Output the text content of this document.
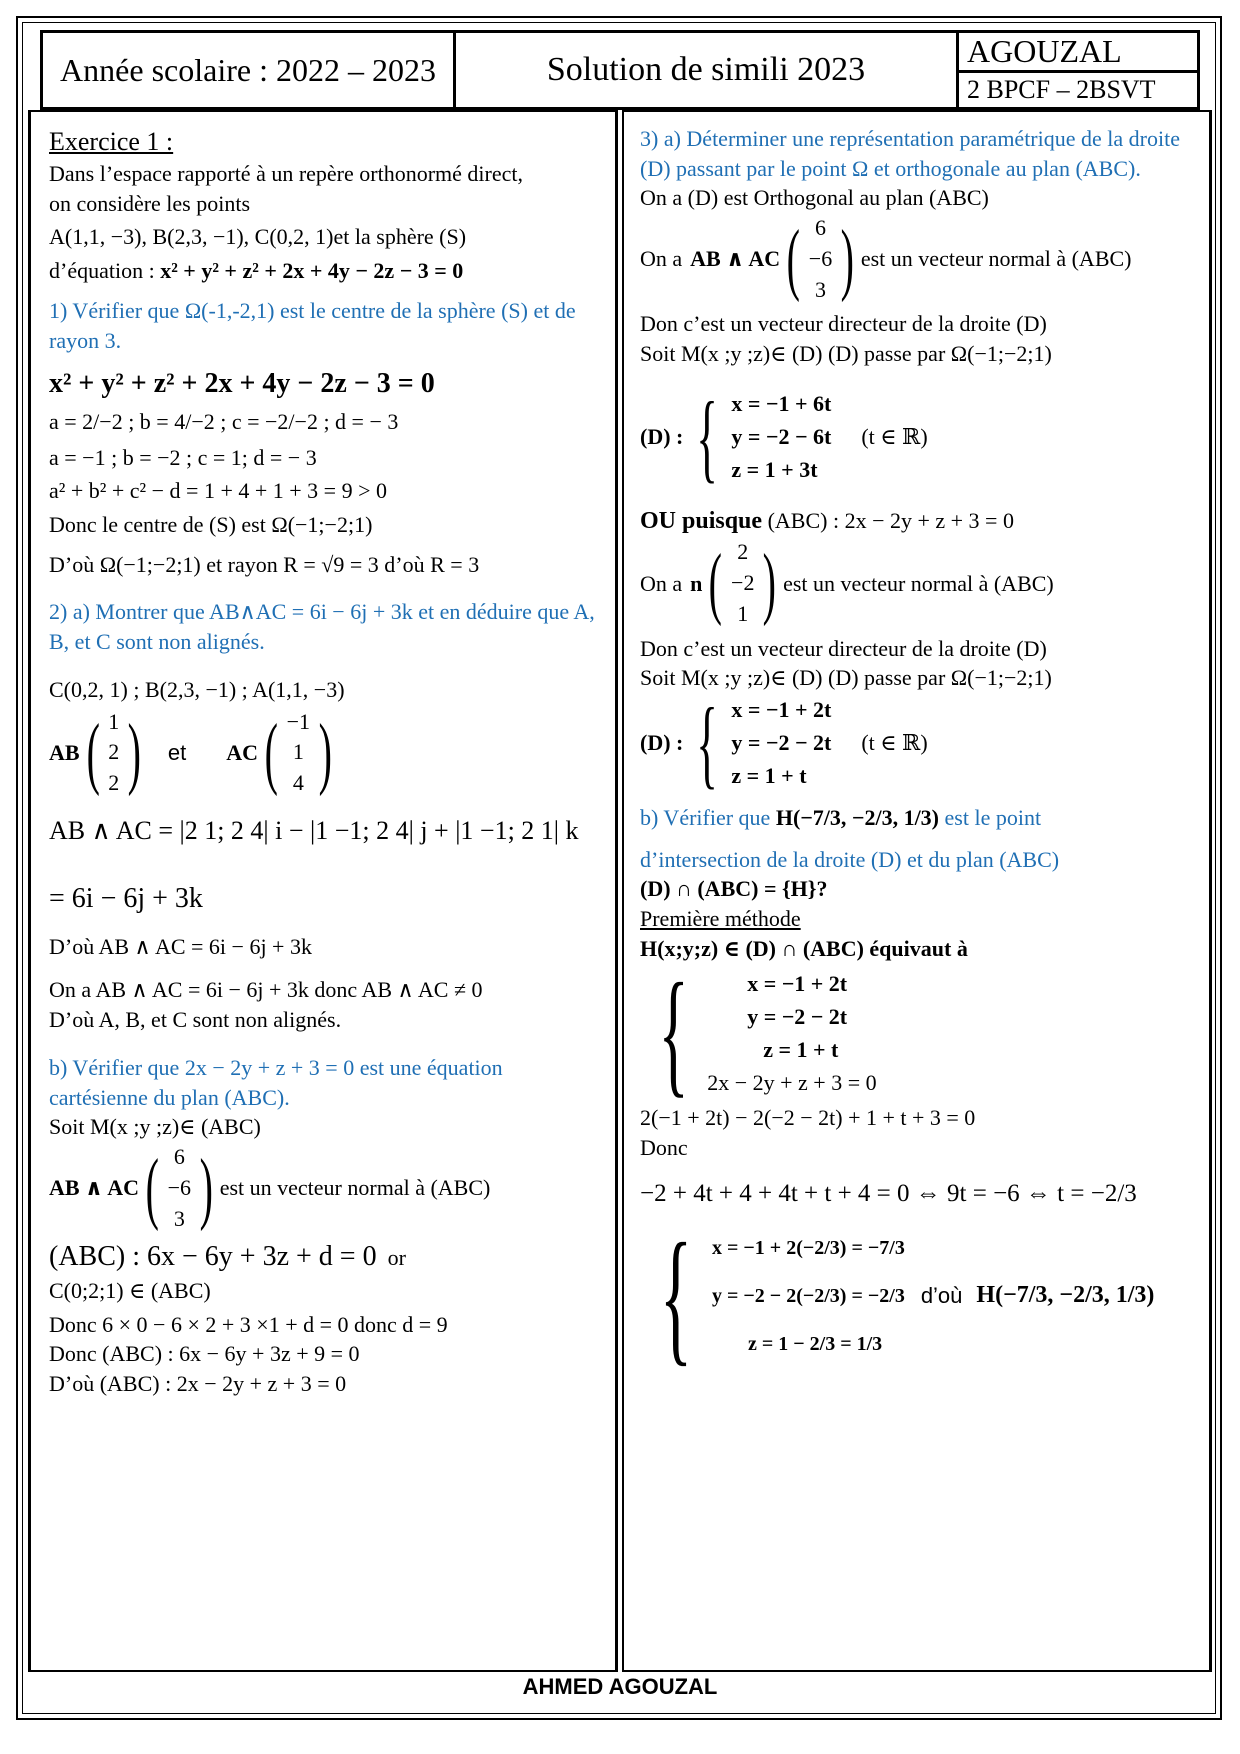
Année scolaire : 2022 – 2023	Solution de simili 2023	AGOUZAL
2 BPCF – 2BSVT

Exercice 1 :

Dans l’espace rapporté à un repère orthonormé direct,

on considère les points

A(1,1, −3), B(2,3, −1), C(0,2, 1)et la sphère (S)

d’équation : x² + y² + z² + 2x + 4y − 2z − 3 = 0

1) Vérifier que Ω(-1,-2,1) est le centre de la sphère (S) et de rayon 3.

x² + y² + z² + 2x + 4y − 2z − 3 = 0

a = 2/−2 ; b = 4/−2 ; c = −2/−2 ; d = − 3

a = −1 ; b = −2 ; c = 1; d = − 3

a² + b² + c² − d = 1 + 4 + 1 + 3 = 9 > 0

Donc le centre de (S) est Ω(−1;−2;1)

D’où Ω(−1;−2;1) et rayon R = √9 = 3 d’où R = 3

2) a) Montrer que AB∧AC = 6i − 6j + 3k et en déduire que A, B, et C sont non alignés.

C(0,2, 1) ; B(2,3, −1) ; A(1,1, −3)

AB ( 1
2
2 ) et AC ( −1
1
4 )

AB ∧ AC = |2 1; 2 4| i − |1 −1; 2 4| j + |1 −1; 2 1| k

= 6i − 6j + 3k

D’où AB ∧ AC = 6i − 6j + 3k

On a AB ∧ AC = 6i − 6j + 3k donc AB ∧ AC ≠ 0

D’où A, B, et C sont non alignés.

b) Vérifier que 2x − 2y + z + 3 = 0 est une équation cartésienne du plan (ABC).

Soit M(x ;y ;z)∈ (ABC)

AB ∧ AC ( 6
−6
3 ) est un vecteur normal à (ABC)

(ABC) : 6x − 6y + 3z + d = 0 or

C(0;2;1) ∈ (ABC)

Donc 6 × 0 − 6 × 2 + 3 ×1 + d = 0 donc d = 9

Donc (ABC) : 6x − 6y + 3z + 9 = 0

D’où (ABC) : 2x − 2y + z + 3 = 0

3) a) Déterminer une représentation paramétrique de la droite (D) passant par le point Ω et orthogonale au plan (ABC).

On a (D) est Orthogonal au plan (ABC)

On a AB ∧ AC ( 6
−6
3 ) est un vecteur normal à (ABC)

Don c’est un vecteur directeur de la droite (D)

Soit M(x ;y ;z)∈ (D) (D) passe par Ω(−1;−2;1)

(D) : { x = −1 + 6t
y = −2 − 6t
z = 1 + 3t
(t ∈ ℝ)

OU puisque (ABC) : 2x − 2y + z + 3 = 0

On a n ( 2
−2
1 ) est un vecteur normal à (ABC)

Don c’est un vecteur directeur de la droite (D)

Soit M(x ;y ;z)∈ (D) (D) passe par Ω(−1;−2;1)

(D) : { x = −1 + 2t
y = −2 − 2t
z = 1 + t
(t ∈ ℝ)

b) Vérifier que H(−7/3, −2/3, 1/3) est le point

d’intersection de la droite (D) et du plan (ABC)

(D) ∩ (ABC) = {H}?

Première méthode

H(x;y;z) ∈ (D) ∩ (ABC) équivaut à

{	x = −1 + 2t
y = −2 − 2t
z = 1 + t
2x − 2y + z + 3 = 0

2(−1 + 2t) − 2(−2 − 2t) + 1 + t + 3 = 0

Donc

−2 + 4t + 4 + 4t + t + 4 = 0 ⇔ 9t = −6 ⇔ t = −2/3

{ x = −1 + 2(−2/3) = −7/3
y = −2 − 2(−2/3) = −2/3
z = 1 − 2/3 = 1/3
d’où H(−7/3, −2/3, 1/3)
AHMED AGOUZAL
